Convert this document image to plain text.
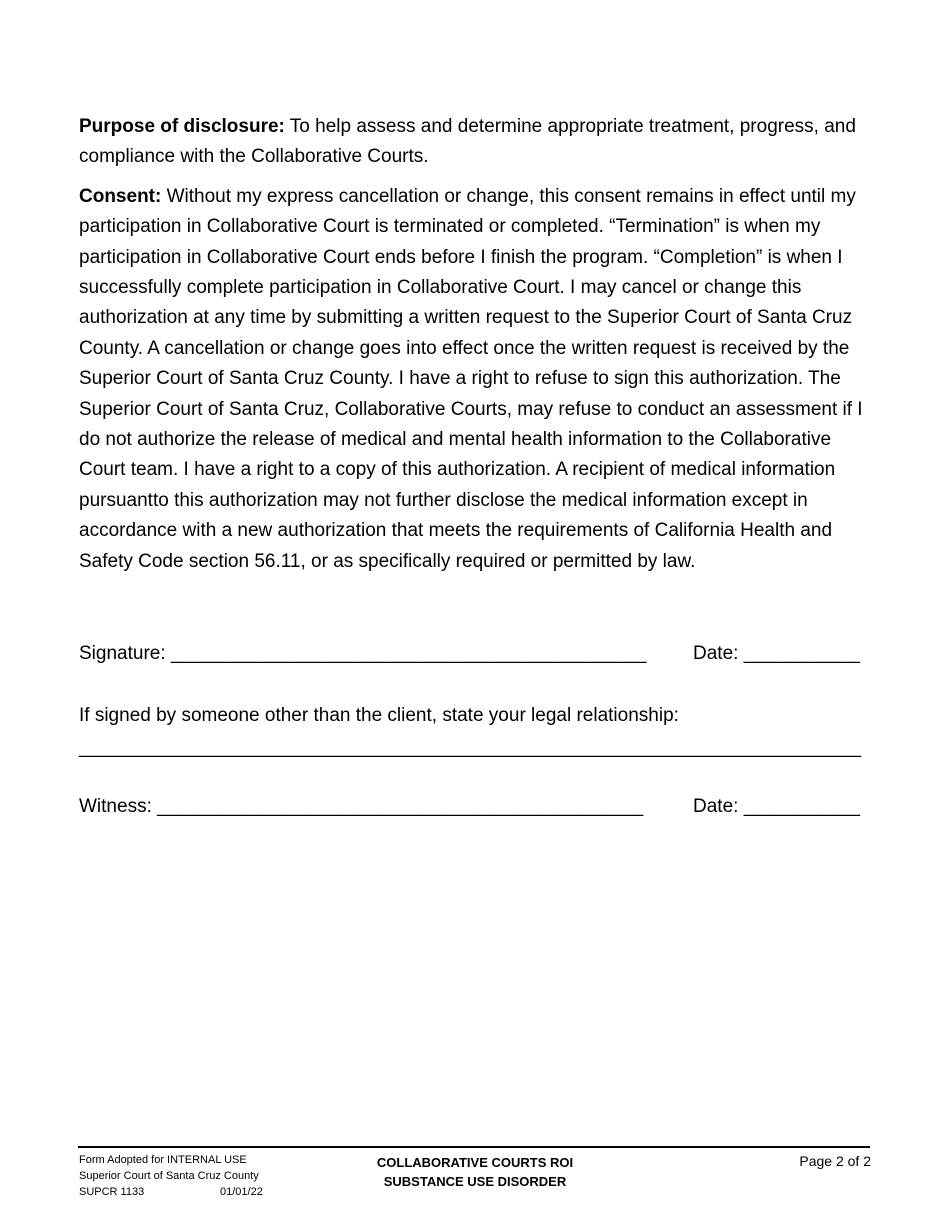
Purpose of disclosure: To help assess and determine appropriate treatment, progress, and compliance with the Collaborative Courts.

Consent: Without my express cancellation or change, this consent remains in effect until my participation in Collaborative Court is terminated or completed. “Termination” is when my participation in Collaborative Court ends before I finish the program. “Completion” is when I successfully complete participation in Collaborative Court. I may cancel or change this authorization at any time by submitting a written request to the Superior Court of Santa Cruz County. A cancellation or change goes into effect once the written request is received by the Superior Court of Santa Cruz County. I have a right to refuse to sign this authorization. The Superior Court of Santa Cruz, Collaborative Courts, may refuse to conduct an assessment if I do not authorize the release of medical and mental health information to the Collaborative Court team. I have a right to a copy of this authorization. A recipient of medical information pursuantto this authorization may not further disclose the medical information except in accordance with a new authorization that meets the requirements of California Health and Safety Code section 56.11, or as specifically required or permitted by law.

Signature: _____________________________________________ Date: ___________
If signed by someone other than the client, state your legal relationship:
__________________________________________________________________________
Witness: ______________________________________________	Date: ___________
Form Adopted for INTERNAL USE
Superior Court of Santa Cruz County
SUPCR 1133	01/01/22
COLLABORATIVE COURTS ROI
SUBSTANCE USE DISORDER
Page 2 of 2
